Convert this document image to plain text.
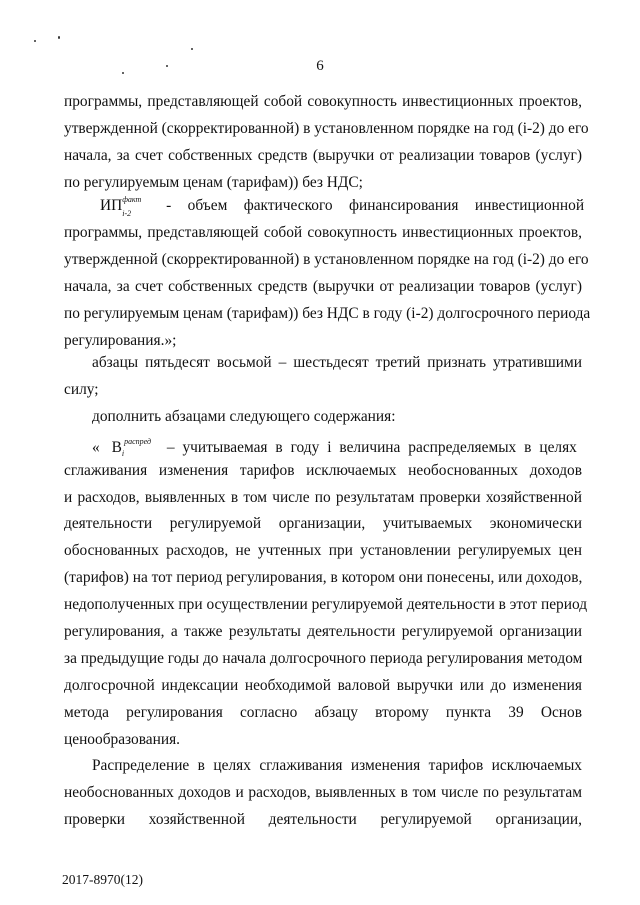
6
программы, представляющей собой совокупность инвестиционных проектов,
утвержденной (скорректированной) в установленном порядке на год (i-2) до его
начала, за счет собственных средств (выручки от реализации товаров (услуг)
по регулируемым ценам (тарифам)) без НДС;
ИП факт
i-2 - объем фактического финансирования инвестиционной
программы, представляющей собой совокупность инвестиционных проектов,
утвержденной (скорректированной) в установленном порядке на год (i-2) до его
начала, за счет собственных средств (выручки от реализации товаров (услуг)
по регулируемым ценам (тарифам)) без НДС в году (i-2) долгосрочного периода
регулирования.»;
абзацы пятьдесят восьмой – шестьдесят третий признать утратившими
силу;
дополнить абзацами следующего содержания:
« $B_i^{распред}$ – учитываемая в году i величина распределяемых в целях
сглаживания изменения тарифов исключаемых необоснованных доходов
и расходов, выявленных в том числе по результатам проверки хозяйственной
деятельности регулируемой организации, учитываемых экономически
обоснованных расходов, не учтенных при установлении регулируемых цен
(тарифов) на тот период регулирования, в котором они понесены, или доходов,
недополученных при осуществлении регулируемой деятельности в этот период
регулирования, а также результаты деятельности регулируемой организации
за предыдущие годы до начала долгосрочного периода регулирования методом
долгосрочной индексации необходимой валовой выручки или до изменения
метода регулирования согласно абзацу второму пункта 39 Основ
ценообразования.
Распределение в целях сглаживания изменения тарифов исключаемых
необоснованных доходов и расходов, выявленных в том числе по результатам
проверки хозяйственной деятельности регулируемой организации,
2017-8970(12)
